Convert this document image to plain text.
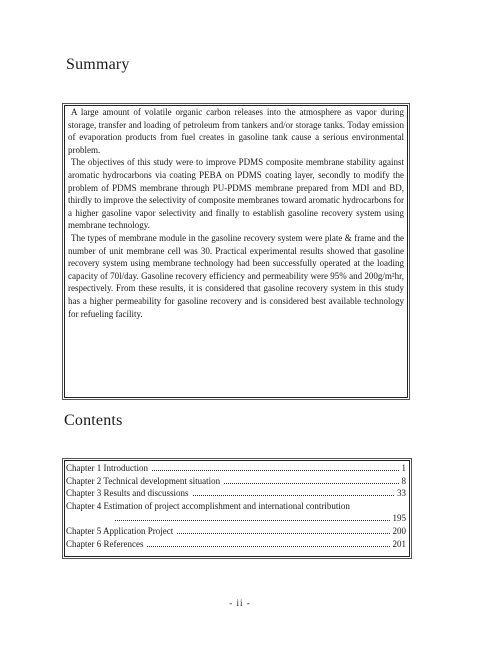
Summary

A large amount of volatile organic carbon releases into the atmosphere as vapor during storage, transfer and loading of petroleum from tankers and/or storage tanks. Today emission of evaporation products from fuel creates in gasoline tank cause a serious environmental problem.

The objectives of this study were to improve PDMS composite membrane stability against aromatic hydrocarbons via coating PEBA on PDMS coating layer, secondly to modify the problem of PDMS membrane through PU-PDMS membrane prepared from MDI and BD, thirdly to improve the selectivity of composite membranes toward aromatic hydrocarbons for a higher gasoline vapor selectivity and finally to establish gasoline recovery system using membrane technology.

The types of membrane module in the gasoline recovery system were plate & frame and the number of unit membrane cell was 30. Practical experimental results showed that gasoline recovery system using membrane technology had been successfully operated at the loading capacity of 70l/day. Gasoline recovery efficiency and permeability were 95% and 200g/m²hr, respectively. From these results, it is considered that gasoline recovery system in this study has a higher permeability for gasoline recovery and is considered best available technology for refueling facility.

Contents
Chapter 1 Introduction	1
Chapter 2 Technical development situation	8
Chapter 3 Results and discussions	33
Chapter 4 Estimation of project accomplishment and international contribution
195
Chapter 5 Application Project	200
Chapter 6 References	201
- ii -
